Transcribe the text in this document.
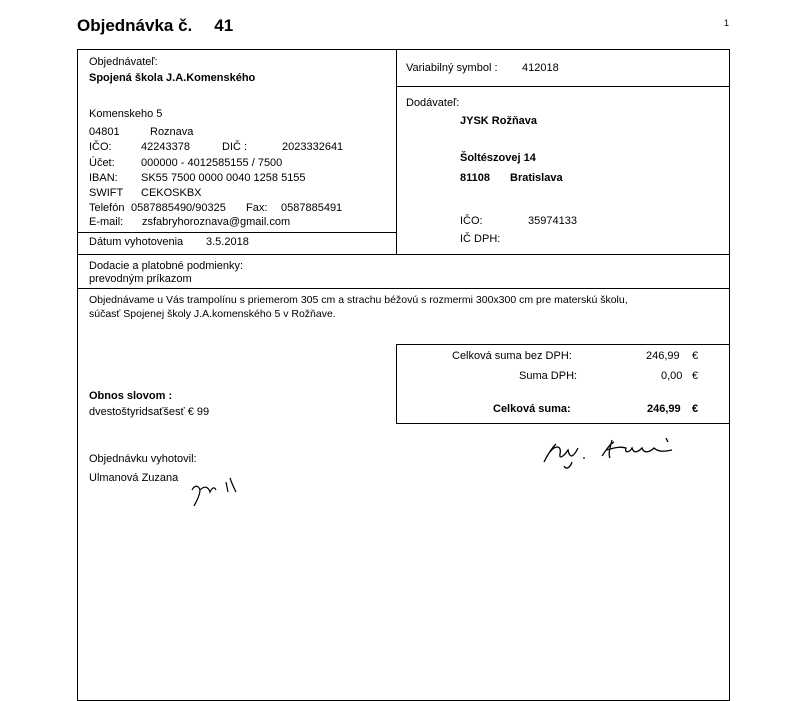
Objednávka č. 41	1
Objednávateľ:
Spojená škola J.A.Komenského
Komenskeho 5
04801	Roznava
IČO:	42243378	DIČ :	2023332641
Účet: 000000 - 4012585155 / 7500
IBAN: SK55 7500 0000 0040 1258 5155
SWIFT CEKOSKBX
Telefón 0587885490/90325 Fax: 0587885491
E-mail: zsfabryhoroznava@gmail.com
Dátum vyhotovenia 3.5.2018
Variabilný symbol : 412018
Dodávateľ:
JYSK Rožňava
Šoltészovej 14
81108 Bratislava
IČO:	35974133
IČ DPH:
Dodacie a platobné podmienky:
prevodným príkazom
Objednávame u Vás trampolínu s priemerom 305 cm a strachu béžovú s rozmermi 300x300 cm pre materskú školu,
súčasť Spojenej školy J.A.komenského 5 v Rožňave.
Celková suma bez DPH:	246,99 €
Suma DPH:	0,00 €
Celková suma:	246,99 €
Obnos slovom :
dvestoštyridsaťšesť € 99
Objednávku vyhotovil:
Ulmanová Zuzana
